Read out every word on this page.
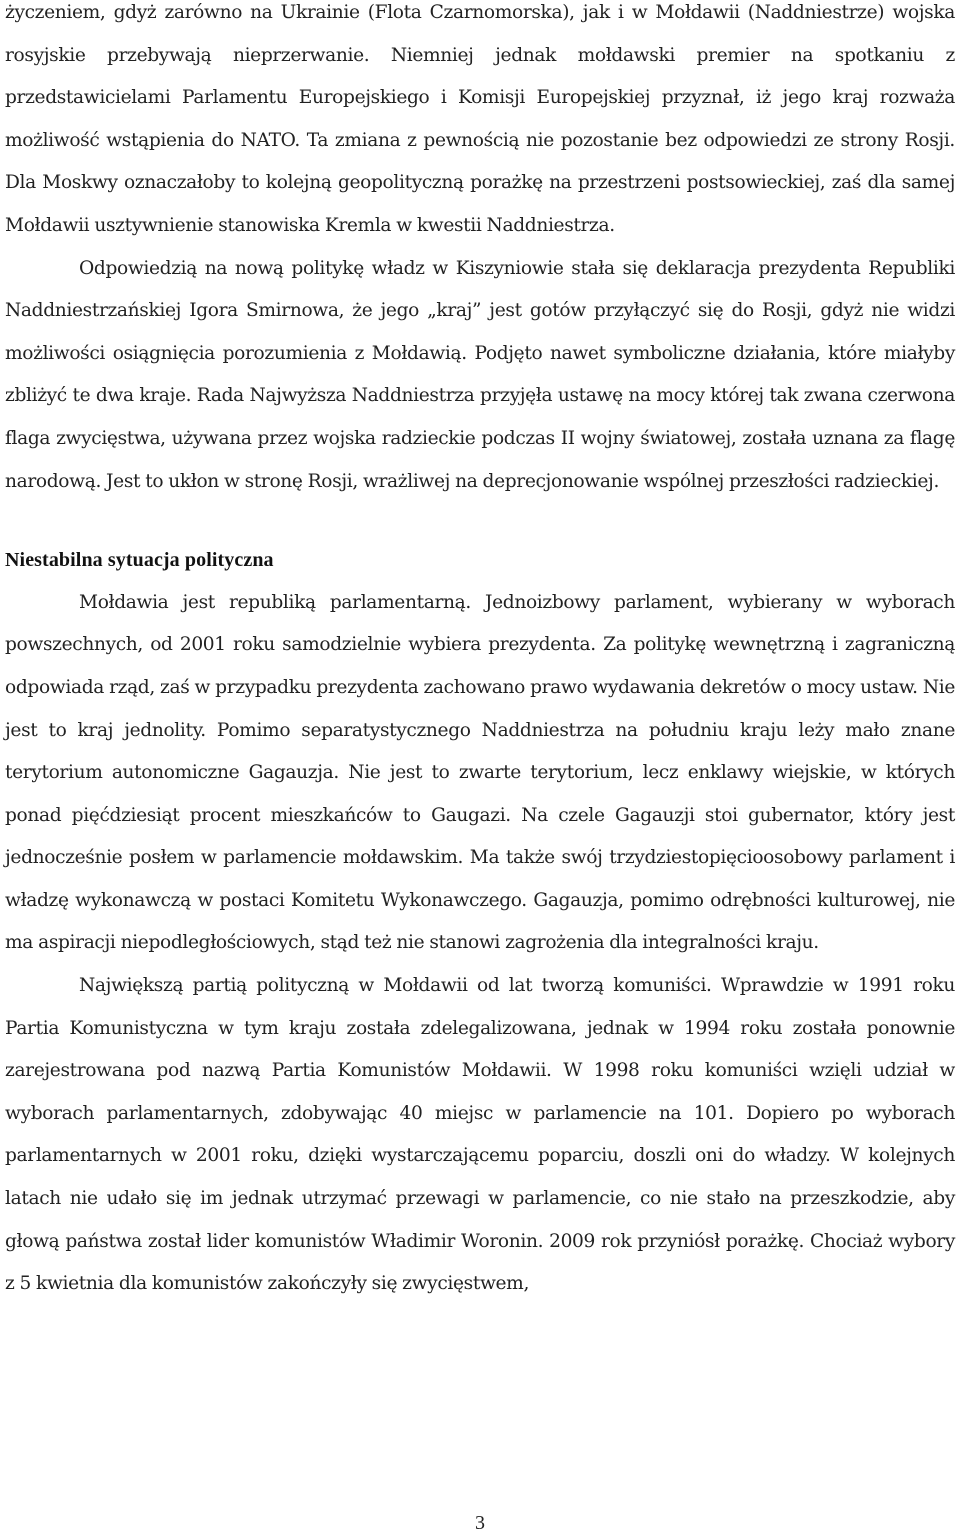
życzeniem, gdyż zarówno na Ukrainie (Flota Czarnomorska), jak i w Mołdawii (Naddniestrze) wojska rosyjskie przebywają nieprzerwanie. Niemniej jednak mołdawski premier na spotkaniu z przedstawicielami Parlamentu Europejskiego i Komisji Europejskiej przyznał, iż jego kraj rozważa możliwość wstąpienia do NATO. Ta zmiana z pewnością nie pozostanie bez odpowiedzi ze strony Rosji. Dla Moskwy oznaczałoby to kolejną geopolityczną porażkę na przestrzeni postsowieckiej, zaś dla samej Mołdawii usztywnienie stanowiska Kremla w kwestii Naddniestrza.

Odpowiedzią na nową politykę władz w Kiszyniowie stała się deklaracja prezydenta Republiki Naddniestrzańskiej Igora Smirnowa, że jego „kraj” jest gotów przyłączyć się do Rosji, gdyż nie widzi możliwości osiągnięcia porozumienia z Mołdawią. Podjęto nawet symboliczne działania, które miałyby zbliżyć te dwa kraje. Rada Najwyższa Naddniestrza przyjęła ustawę na mocy której tak zwana czerwona flaga zwycięstwa, używana przez wojska radzieckie podczas II wojny światowej, została uznana za flagę narodową. Jest to ukłon w stronę Rosji, wrażliwej na deprecjonowanie wspólnej przeszłości radzieckiej.

Niestabilna sytuacja polityczna

Mołdawia jest republiką parlamentarną. Jednoizbowy parlament, wybierany w wyborach powszechnych, od 2001 roku samodzielnie wybiera prezydenta. Za politykę wewnętrzną i zagraniczną odpowiada rząd, zaś w przypadku prezydenta zachowano prawo wydawania dekretów o mocy ustaw. Nie jest to kraj jednolity. Pomimo separatystycznego Naddniestrza na południu kraju leży mało znane terytorium autonomiczne Gagauzja. Nie jest to zwarte terytorium, lecz enklawy wiejskie, w których ponad pięćdziesiąt procent mieszkańców to Gaugazi. Na czele Gagauzji stoi gubernator, który jest jednocześnie posłem w parlamencie mołdawskim. Ma także swój trzydziestopięcioosobowy parlament i władzę wykonawczą w postaci Komitetu Wykonawczego. Gagauzja, pomimo odrębności kulturowej, nie ma aspiracji niepodległościowych, stąd też nie stanowi zagrożenia dla integralności kraju.

Największą partią polityczną w Mołdawii od lat tworzą komuniści. Wprawdzie w 1991 roku Partia Komunistyczna w tym kraju została zdelegalizowana, jednak w 1994 roku została ponownie zarejestrowana pod nazwą Partia Komunistów Mołdawii. W 1998 roku komuniści wzięli udział w wyborach parlamentarnych, zdobywając 40 miejsc w parlamencie na 101. Dopiero po wyborach parlamentarnych w 2001 roku, dzięki wystarczającemu poparciu, doszli oni do władzy. W kolejnych latach nie udało się im jednak utrzymać przewagi w parlamencie, co nie stało na przeszkodzie, aby głową państwa został lider komunistów Władimir Woronin. 2009 rok przyniósł porażkę. Chociaż wybory z 5 kwietnia dla komunistów zakończyły się zwycięstwem,

3
